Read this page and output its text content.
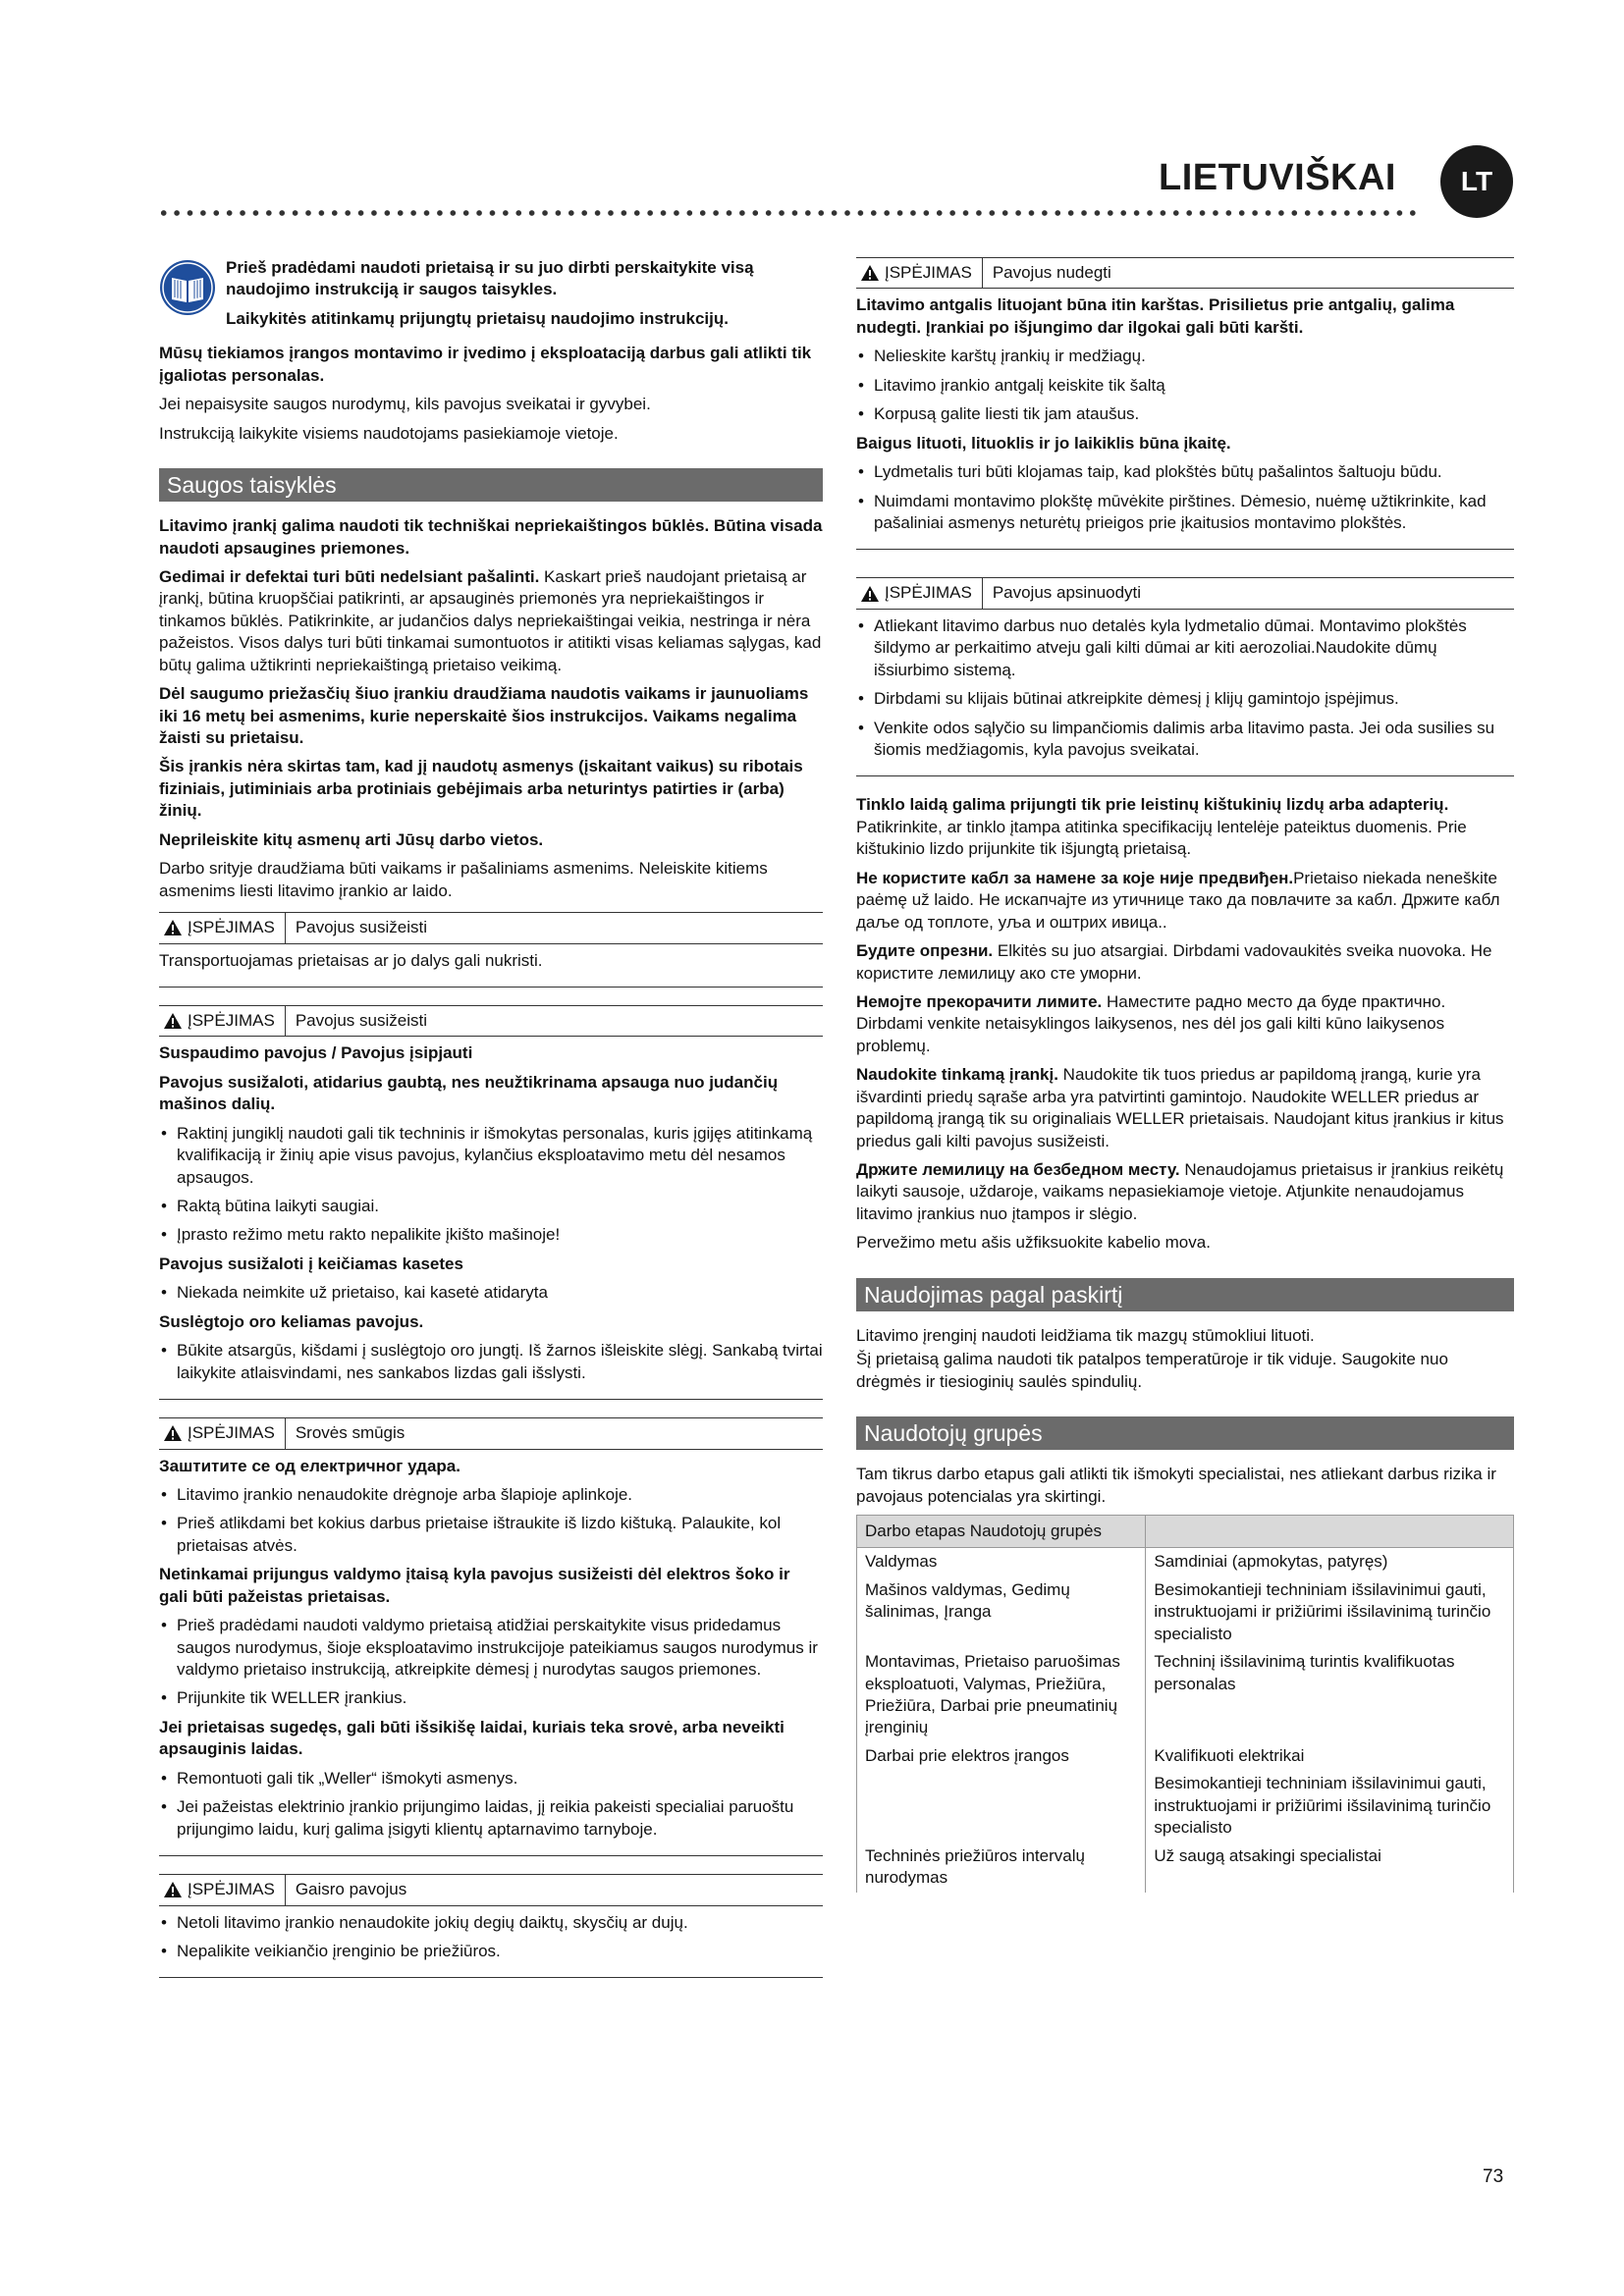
LIETUVIŠKAI	LT

Prieš pradėdami naudoti prietaisą ir su juo dirbti perskaitykite visą naudojimo instrukciją ir saugos taisykles.

Laikykitės atitinkamų prijungtų prietaisų naudojimo instrukcijų.

Mūsų tiekiamos įrangos montavimo ir įvedimo į eksploataciją darbus gali atlikti tik įgaliotas personalas.

Jei nepaisysite saugos nurodymų, kils pavojus sveikatai ir gyvybei.

Instrukciją laikykite visiems naudotojams pasiekiamoje vietoje.

Saugos taisyklės

Litavimo įrankį galima naudoti tik techniškai nepriekaištingos būklės. Būtina visada naudoti apsaugines priemones.

Gedimai ir defektai turi būti nedelsiant pašalinti. Kaskart prieš naudojant prietaisą ar įrankį, būtina kruopščiai patikrinti, ar apsauginės priemonės yra nepriekaištingos ir tinkamos būklės. Patikrinkite, ar judančios dalys nepriekaištingai veikia, nestringa ir nėra pažeistos. Visos dalys turi būti tinkamai sumontuotos ir atitikti visas keliamas sąlygas, kad būtų galima užtikrinti nepriekaištingą prietaiso veikimą.

Dėl saugumo priežasčių šiuo įrankiu draudžiama naudotis vaikams ir jaunuoliams iki 16 metų bei asmenims, kurie neperskaitė šios instrukcijos. Vaikams negalima žaisti su prietaisu.

Šis įrankis nėra skirtas tam, kad jį naudotų asmenys (įskaitant vaikus) su ribotais fiziniais, jutiminiais arba protiniais gebėjimais arba neturintys patirties ir (arba) žinių.

Neprileiskite kitų asmenų arti Jūsų darbo vietos.

Darbo srityje draudžiama būti vaikams ir pašaliniams asmenims. Neleiskite kitiems asmenims liesti litavimo įrankio ar laido.

ĮSPĖJIMAS	Pavojus susižeisti

Transportuojamas prietaisas ar jo dalys gali nukristi.

ĮSPĖJIMAS	Pavojus susižeisti

Suspaudimo pavojus / Pavojus įsipjauti

Pavojus susižaloti, atidarius gaubtą, nes neužtikrinama apsauga nuo judančių mašinos dalių.

• Raktinį jungiklį naudoti gali tik techninis ir išmokytas personalas, kuris įgijęs atitinkamą kvalifikaciją ir žinių apie visus pavojus, kylančius eksploatavimo metu dėl nesamos apsaugos.
• Raktą būtina laikyti saugiai.
• Įprasto režimo metu rakto nepalikite įkišto mašinoje!

Pavojus susižaloti į keičiamas kasetes

• Niekada neimkite už prietaiso, kai kasetė atidaryta

Suslėgtojo oro keliamas pavojus.

• Būkite atsargūs, kišdami į suslėgtojo oro jungtį. Iš žarnos išleiskite slėgį. Sankabą tvirtai laikykite atlaisvindami, nes sankabos lizdas gali išslysti.
ĮSPĖJIMAS	Srovės smūgis

Заштитите се од електричног удара.

• Litavimo įrankio nenaudokite drėgnoje arba šlapioje aplinkoje.
• Prieš atlikdami bet kokius darbus prietaise ištraukite iš lizdo kištuką. Palaukite, kol prietaisas atvės.

Netinkamai prijungus valdymo įtaisą kyla pavojus susižeisti dėl elektros šoko ir gali būti pažeistas prietaisas.

• Prieš pradėdami naudoti valdymo prietaisą atidžiai perskaitykite visus pridedamus saugos nurodymus, šioje eksploatavimo instrukcijoje pateikiamus saugos nurodymus ir valdymo prietaiso instrukciją, atkreipkite dėmesį į nurodytas saugos priemones.
• Prijunkite tik WELLER įrankius.

Jei prietaisas sugedęs, gali būti išsikišę laidai, kuriais teka srovė, arba neveikti apsauginis laidas.

• Remontuoti gali tik „Weller“ išmokyti asmenys.
• Jei pažeistas elektrinio įrankio prijungimo laidas, jį reikia pakeisti specialiai paruoštu prijungimo laidu, kurį galima įsigyti klientų aptarnavimo tarnyboje.
ĮSPĖJIMAS	Gaisro pavojus
• Netoli litavimo įrankio nenaudokite jokių degių daiktų, skysčių ar dujų.
• Nepalikite veikiančio įrenginio be priežiūros.
ĮSPĖJIMAS	Pavojus nudegti

Litavimo antgalis lituojant būna itin karštas. Prisilietus prie antgalių, galima nudegti. Įrankiai po išjungimo dar ilgokai gali būti karšti.

• Nelieskite karštų įrankių ir medžiagų.
• Litavimo įrankio antgalį keiskite tik šaltą
• Korpusą galite liesti tik jam ataušus.

Baigus lituoti, lituoklis ir jo laikiklis būna įkaitę.

• Lydmetalis turi būti klojamas taip, kad plokštės būtų pašalintos šaltuoju būdu.
• Nuimdami montavimo plokštę mūvėkite pirštines. Dėmesio, nuėmę užtikrinkite, kad pašaliniai asmenys neturėtų prieigos prie įkaitusios montavimo plokštės.
ĮSPĖJIMAS	Pavojus apsinuodyti
• Atliekant litavimo darbus nuo detalės kyla lydmetalio dūmai. Montavimo plokštės šildymo ar perkaitimo atveju gali kilti dūmai ar kiti aerozoliai.Naudokite dūmų išsiurbimo sistemą.
• Dirbdami su klijais būtinai atkreipkite dėmesį į klijų gamintojo įspėjimus.
• Venkite odos sąlyčio su limpančiomis dalimis arba litavimo pasta. Jei oda susilies su šiomis medžiagomis, kyla pavojus sveikatai.

Tinklo laidą galima prijungti tik prie leistinų kištukinių lizdų arba adapterių.
Patikrinkite, ar tinklo įtampa atitinka specifikacijų lentelėje pateiktus duomenis. Prie kištukinio lizdo prijunkite tik išjungtą prietaisą.

Не користите кабл за намене за које није предвиђен.Prietaiso niekada neneškite paėmę už laido. Не искапчајте из утичнице тако да повлачите за кабл. Држите кабл даље од топлоте, уља и оштрих ивица..

Будите опрезни. Elkitės su juo atsargiai. Dirbdami vadovaukitės sveika nuovoka. Не користите лемилицу ако сте уморни.

Немојте прекорачити лимите. Наместите радно место да буде практично. Dirbdami venkite netaisyklingos laikysenos, nes dėl jos gali kilti kūno laikysenos problemų.

Naudokite tinkamą įrankį. Naudokite tik tuos priedus ar papildomą įrangą, kurie yra išvardinti priedų sąraše arba yra patvirtinti gamintojo. Naudokite WELLER priedus ar papildomą įrangą tik su originaliais WELLER prietaisais. Naudojant kitus įrankius ir kitus priedus gali kilti pavojus susižeisti.

Држите лемилицу на безбедном месту. Nenaudojamus prietaisus ir įrankius reikėtų laikyti sausoje, uždaroje, vaikams nepasiekiamoje vietoje. Atjunkite nenaudojamus litavimo įrankius nuo įtampos ir slėgio.

Pervežimo metu ašis užfiksuokite kabelio mova.

Naudojimas pagal paskirtį

Litavimo įrenginį naudoti leidžiama tik mazgų stūmokliui lituoti.

Šį prietaisą galima naudoti tik patalpos temperatūroje ir tik viduje. Saugokite nuo drėgmės ir tiesioginių saulės spindulių.

Naudotojų grupės

Tam tikrus darbo etapus gali atlikti tik išmokyti specialistai, nes atliekant darbus rizika ir pavojaus potencialas yra skirtingi.

Darbo etapas Naudotojų grupės	
Valdymas	Samdiniai (apmokytas, patyręs)
Mašinos valdymas, Gedimų šalinimas, Įranga	Besimokantieji techniniam išsilavinimui gauti, instruktuojami ir prižiūrimi išsilavinimą turinčio specialisto
Montavimas, Prietaiso paruošimas eksploatuoti, Valymas, Priežiūra, Priežiūra, Darbai prie pneumatinių įrenginių	Techninį išsilavinimą turintis kvalifikuotas personalas
Darbai prie elektros įrangos	Kvalifikuoti elektrikai
	Besimokantieji techniniam išsilavinimui gauti, instruktuojami ir prižiūrimi išsilavinimą turinčio specialisto
Techninės priežiūros intervalų nurodymas	Už saugą atsakingi specialistai
73
